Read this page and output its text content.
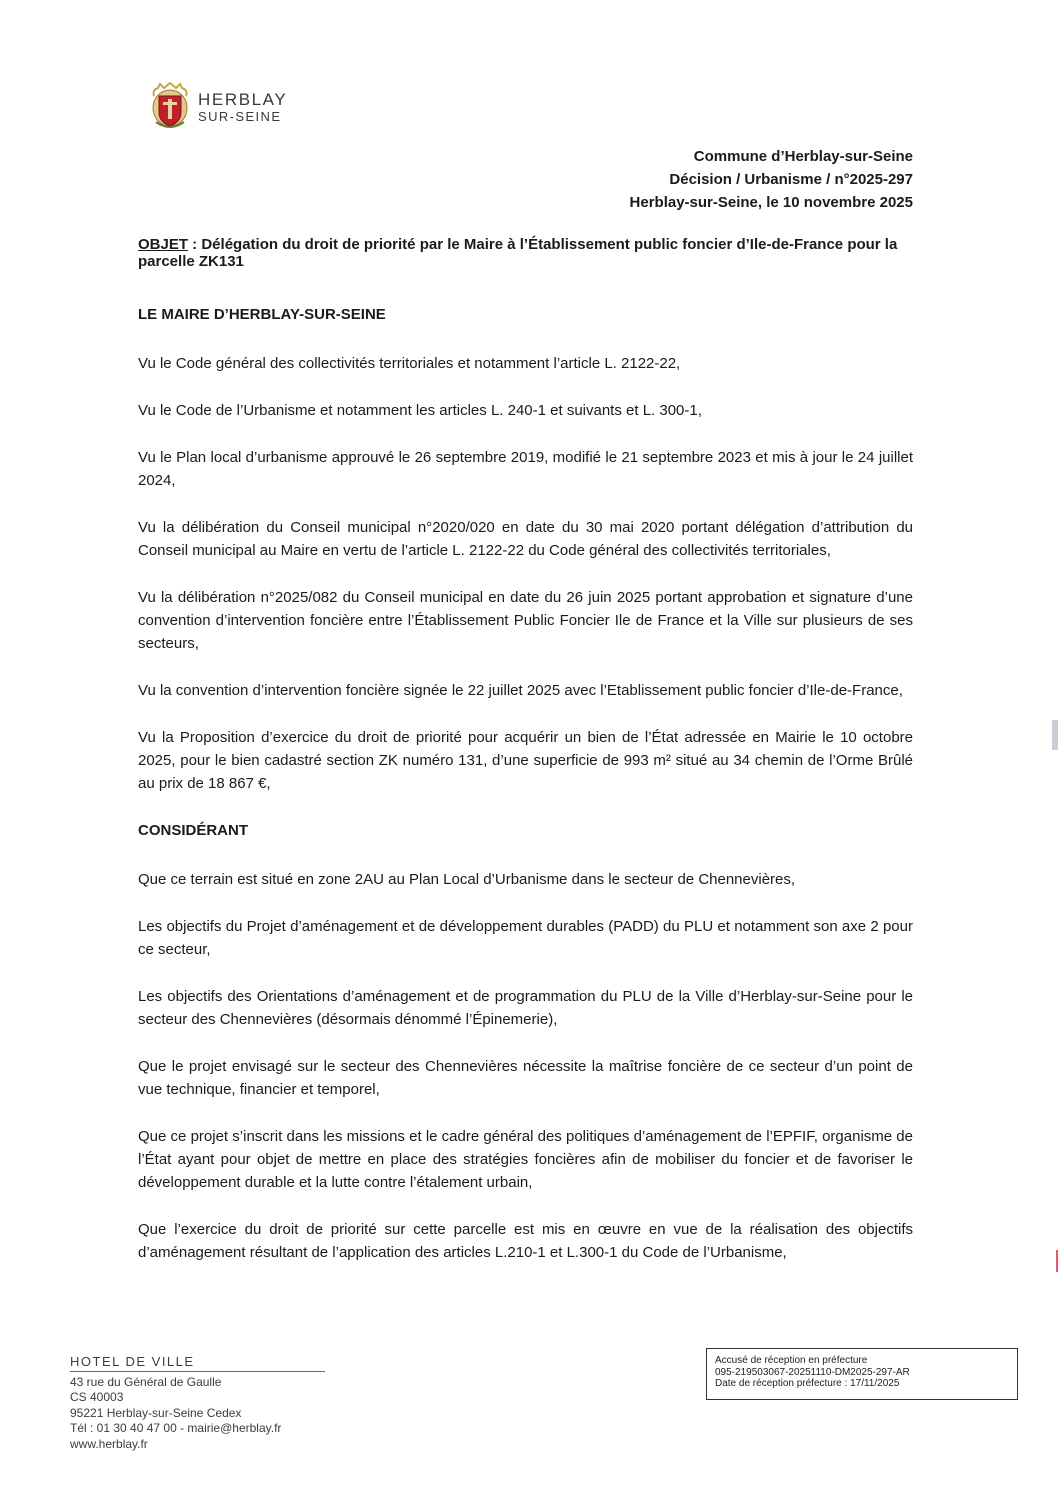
HERBLAY
SUR-SEINE
Commune d’Herblay-sur-Seine
Décision / Urbanisme / n°2025-297
Herblay-sur-Seine, le 10 novembre 2025
OBJET : Délégation du droit de priorité par le Maire à l’Établissement public foncier d’Ile-de-France pour la parcelle ZK131
LE MAIRE D’HERBLAY-SUR-SEINE

Vu le Code général des collectivités territoriales et notamment l’article L. 2122-22,

Vu le Code de l’Urbanisme et notamment les articles L. 240-1 et suivants et L. 300-1,

Vu le Plan local d’urbanisme approuvé le 26 septembre 2019, modifié le 21 septembre 2023 et mis à jour le 24 juillet 2024,

Vu la délibération du Conseil municipal n°2020/020 en date du 30 mai 2020 portant délégation d’attribution du Conseil municipal au Maire en vertu de l’article L. 2122-22 du Code général des collectivités territoriales,

Vu la délibération n°2025/082 du Conseil municipal en date du 26 juin 2025 portant approbation et signature d’une convention d’intervention foncière entre l’Établissement Public Foncier Ile de France et la Ville sur plusieurs de ses secteurs,

Vu la convention d’intervention foncière signée le 22 juillet 2025 avec l’Etablissement public foncier d’Ile-de-France,

Vu la Proposition d’exercice du droit de priorité pour acquérir un bien de l’État adressée en Mairie le 10 octobre 2025, pour le bien cadastré section ZK numéro 131, d’une superficie de 993 m² situé au 34 chemin de l’Orme Brûlé au prix de 18 867 €,

CONSIDÉRANT

Que ce terrain est situé en zone 2AU au Plan Local d’Urbanisme dans le secteur de Chennevières,

Les objectifs du Projet d’aménagement et de développement durables (PADD) du PLU et notamment son axe 2 pour ce secteur,

Les objectifs des Orientations d’aménagement et de programmation du PLU de la Ville d’Herblay-sur-Seine pour le secteur des Chennevières (désormais dénommé l’Épinemerie),

Que le projet envisagé sur le secteur des Chennevières nécessite la maîtrise foncière de ce secteur d’un point de vue technique, financier et temporel,

Que ce projet s’inscrit dans les missions et le cadre général des politiques d’aménagement de l’EPFIF, organisme de l’État ayant pour objet de mettre en place des stratégies foncières afin de mobiliser du foncier et de favoriser le développement durable et la lutte contre l’étalement urbain,

Que l’exercice du droit de priorité sur cette parcelle est mis en œuvre en vue de la réalisation des objectifs d’aménagement résultant de l’application des articles L.210-1 et L.300-1 du Code de l’Urbanisme,

HOTEL DE VILLE
43 rue du Général de Gaulle
CS 40003
95221 Herblay-sur-Seine Cedex
Tél : 01 30 40 47 00 - mairie@herblay.fr
www.herblay.fr
Accusé de réception en préfecture
095-219503067-20251110-DM2025-297-AR
Date de réception préfecture : 17/11/2025
